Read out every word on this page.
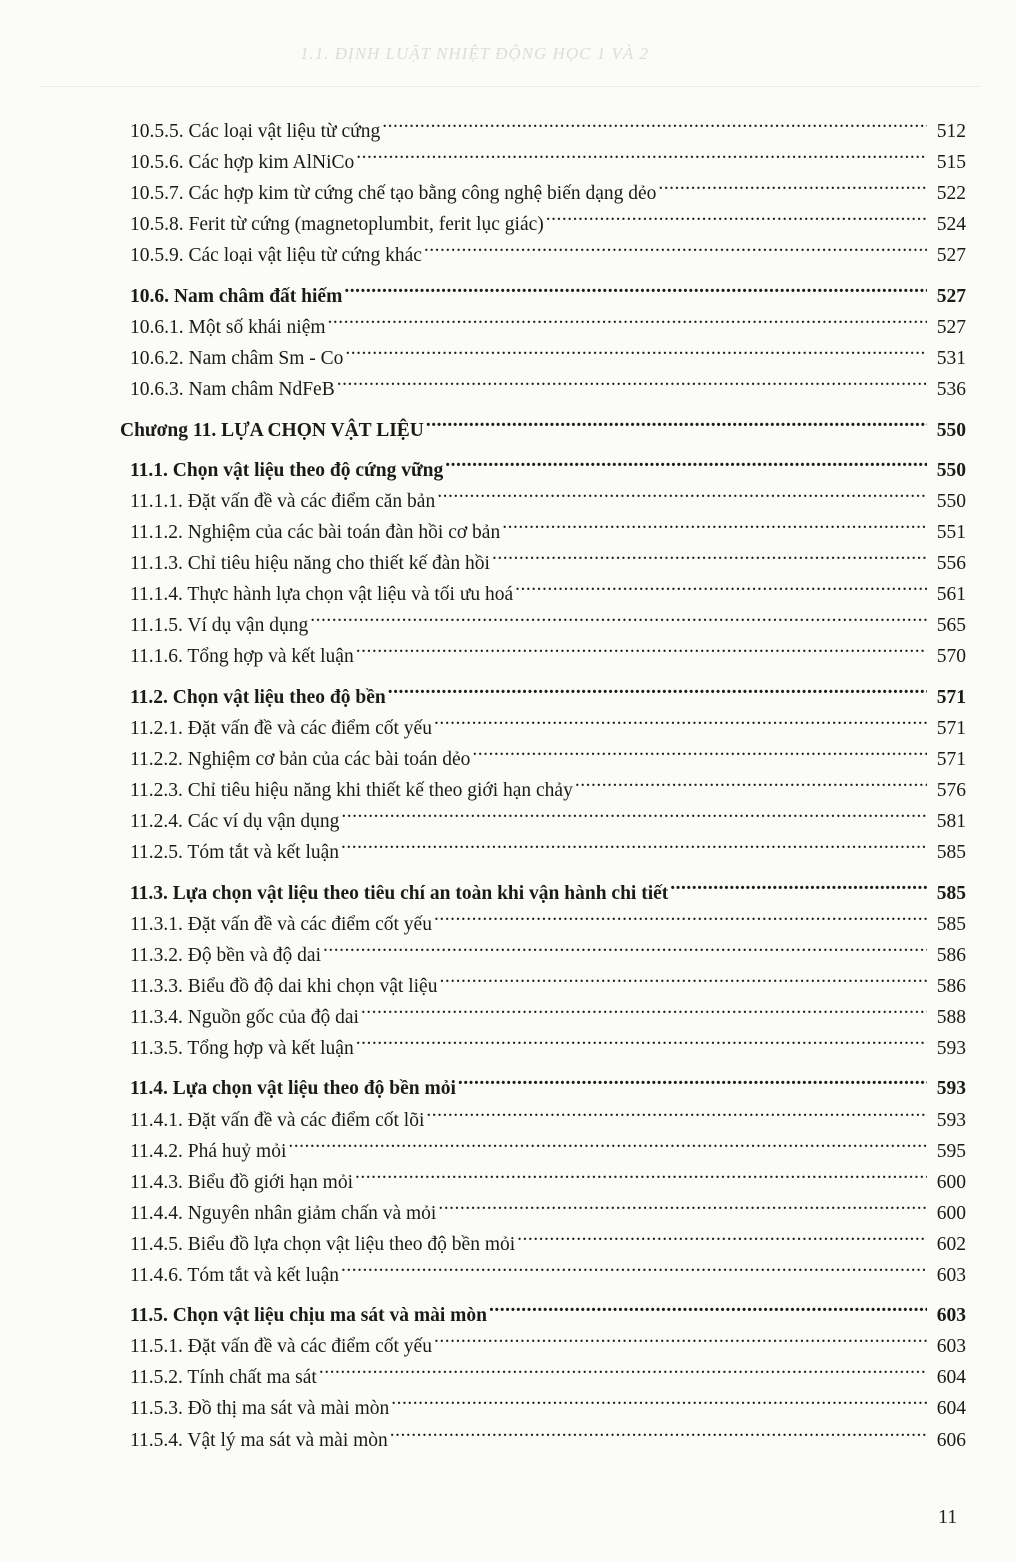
1.1. ĐỊNH LUẬT NHIỆT ĐỘNG HỌC 1 VÀ 2
10.5.5. Các loại vật liệu từ cứng .....	512
10.5.6. Các hợp kim AlNiCo .....	515
10.5.7. Các hợp kim từ cứng chế tạo bằng công nghệ biến dạng dẻo .....	522
10.5.8. Ferit từ cứng (magnetoplumbit, ferit lục giác) .....	524
10.5.9. Các loại vật liệu từ cứng khác .....	527
10.6. Nam châm đất hiếm .....	527
10.6.1. Một số khái niệm .....	527
10.6.2. Nam châm Sm - Co .....	531
10.6.3. Nam châm NdFeB .....	536
Chương 11. LỰA CHỌN VẬT LIỆU .....	550
11.1. Chọn vật liệu theo độ cứng vững .....	550
11.1.1. Đặt vấn đề và các điểm căn bản .....	550
11.1.2. Nghiệm của các bài toán đàn hồi cơ bản .....	551
11.1.3. Chỉ tiêu hiệu năng cho thiết kế đàn hồi .....	556
11.1.4. Thực hành lựa chọn vật liệu và tối ưu hoá .....	561
11.1.5. Ví dụ vận dụng .....	565
11.1.6. Tổng hợp và kết luận .....	570
11.2. Chọn vật liệu theo độ bền .....	571
11.2.1. Đặt vấn đề và các điểm cốt yếu .....	571
11.2.2. Nghiệm cơ bản của các bài toán dẻo .....	571
11.2.3. Chỉ tiêu hiệu năng khi thiết kế theo giới hạn chảy .....	576
11.2.4. Các ví dụ vận dụng .....	581
11.2.5. Tóm tắt và kết luận .....	585
11.3. Lựa chọn vật liệu theo tiêu chí an toàn khi vận hành chi tiết .....	585
11.3.1. Đặt vấn đề và các điểm cốt yếu .....	585
11.3.2. Độ bền và độ dai .....	586
11.3.3. Biểu đồ độ dai khi chọn vật liệu .....	586
11.3.4. Nguồn gốc của độ dai .....	588
11.3.5. Tổng hợp và kết luận .....	593
11.4. Lựa chọn vật liệu theo độ bền mỏi .....	593
11.4.1. Đặt vấn đề và các điểm cốt lõi .....	593
11.4.2. Phá huỷ mỏi .....	595
11.4.3. Biểu đồ giới hạn mỏi .....	600
11.4.4. Nguyên nhân giảm chấn và mỏi .....	600
11.4.5. Biểu đồ lựa chọn vật liệu theo độ bền mỏi .....	602
11.4.6. Tóm tắt và kết luận .....	603
11.5. Chọn vật liệu chịu ma sát và mài mòn .....	603
11.5.1. Đặt vấn đề và các điểm cốt yếu .....	603
11.5.2. Tính chất ma sát .....	604
11.5.3. Đồ thị ma sát và mài mòn .....	604
11.5.4. Vật lý ma sát và mài mòn .....	606
11
